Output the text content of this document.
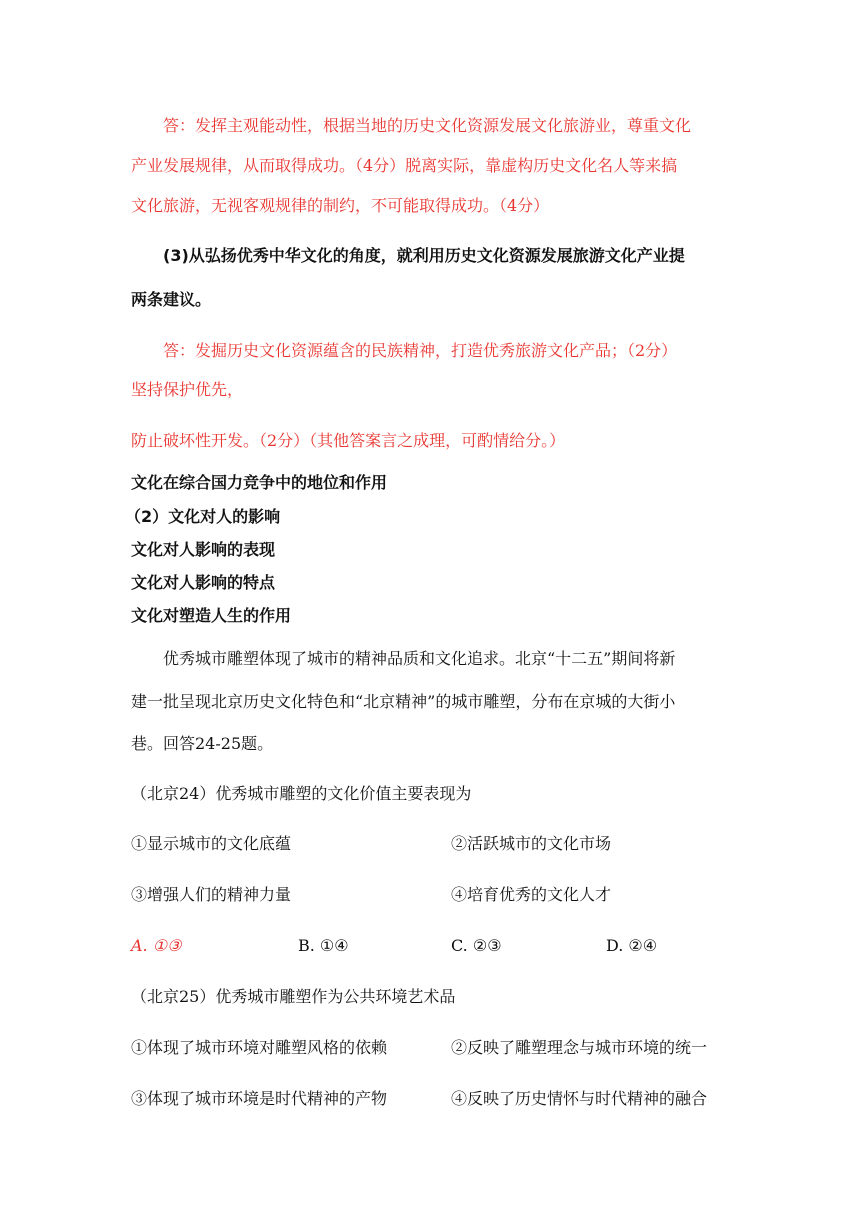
答：发挥主观能动性，根据当地的历史文化资源发展文化旅游业，尊重文化
产业发展规律，从而取得成功。（4分）脱离实际，靠虚构历史文化名人等来搞
文化旅游，无视客观规律的制约，不可能取得成功。（4分）
(3)从弘扬优秀中华文化的角度，就利用历史文化资源发展旅游文化产业提
两条建议。
答：发掘历史文化资源蕴含的民族精神，打造优秀旅游文化产品；（2分）
坚持保护优先，
防止破坏性开发。（2分）（其他答案言之成理，可酌情给分。）
文化在综合国力竞争中的地位和作用
（2）文化对人的影响
文化对人影响的表现
文化对人影响的特点
文化对塑造人生的作用
优秀城市雕塑体现了城市的精神品质和文化追求。北京“十二五”期间将新
建一批呈现北京历史文化特色和“北京精神”的城市雕塑，分布在京城的大街小
巷。回答24-25题。
（北京24）优秀城市雕塑的文化价值主要表现为
①显示城市的文化底蕴	②活跃城市的文化市场
③增强人们的精神力量	④培育优秀的文化人才
A. ①③	B. ①④	C. ②③	D. ②④
（北京25）优秀城市雕塑作为公共环境艺术品
①体现了城市环境对雕塑风格的依赖	②反映了雕塑理念与城市环境的统一
③体现了城市环境是时代精神的产物	④反映了历史情怀与时代精神的融合
